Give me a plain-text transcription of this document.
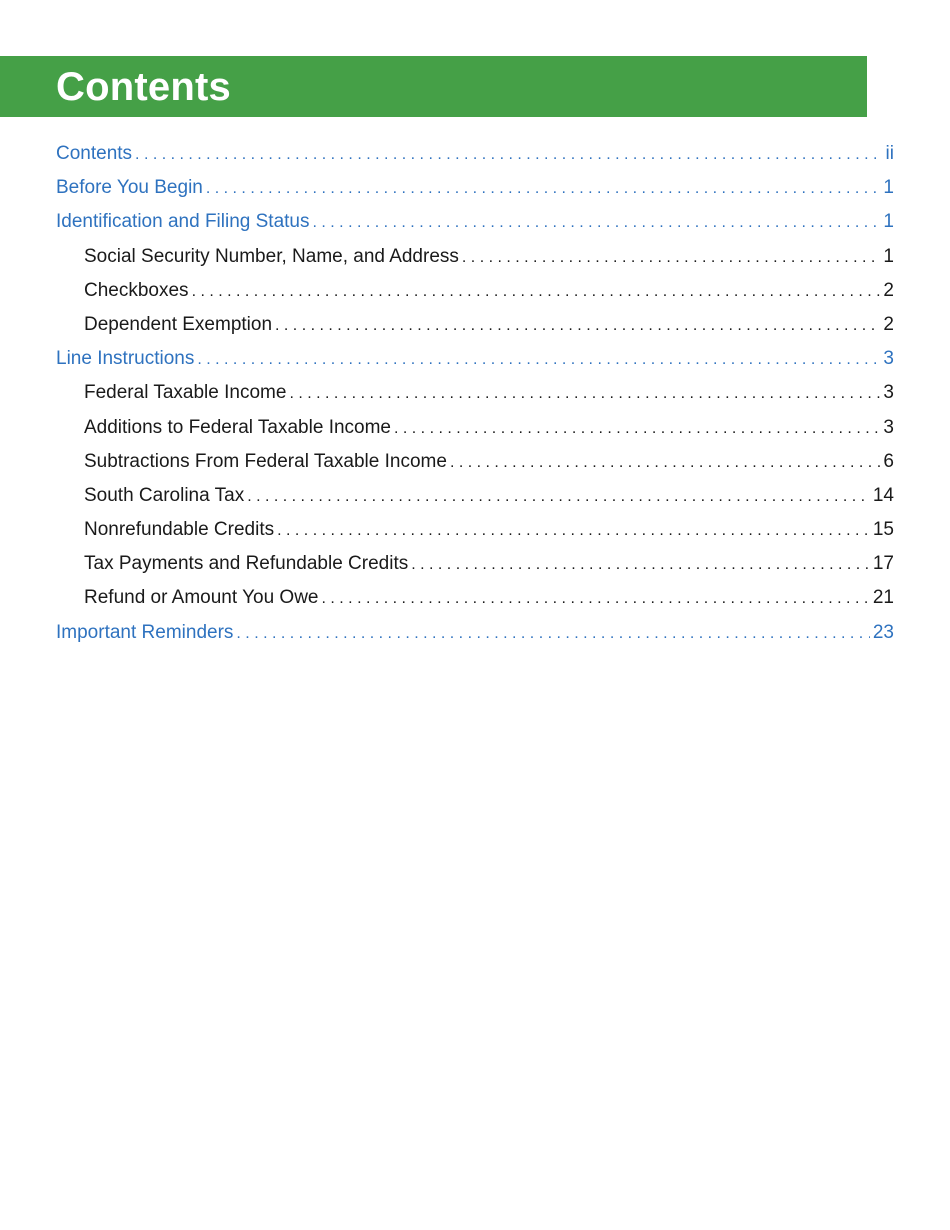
Contents
Contents . . .	ii
Before You Begin . . .	1
Identification and Filing Status . . .	1
Social Security Number, Name, and Address . . .	1
Checkboxes . . .	2
Dependent Exemption . . .	2
Line Instructions . . .	3
Federal Taxable Income . . .	3
Additions to Federal Taxable Income . . .	3
Subtractions From Federal Taxable Income . . .	6
South Carolina Tax . . .	14
Nonrefundable Credits . . .	15
Tax Payments and Refundable Credits . . .	17
Refund or Amount You Owe . . .	21
Important Reminders . . .	23
